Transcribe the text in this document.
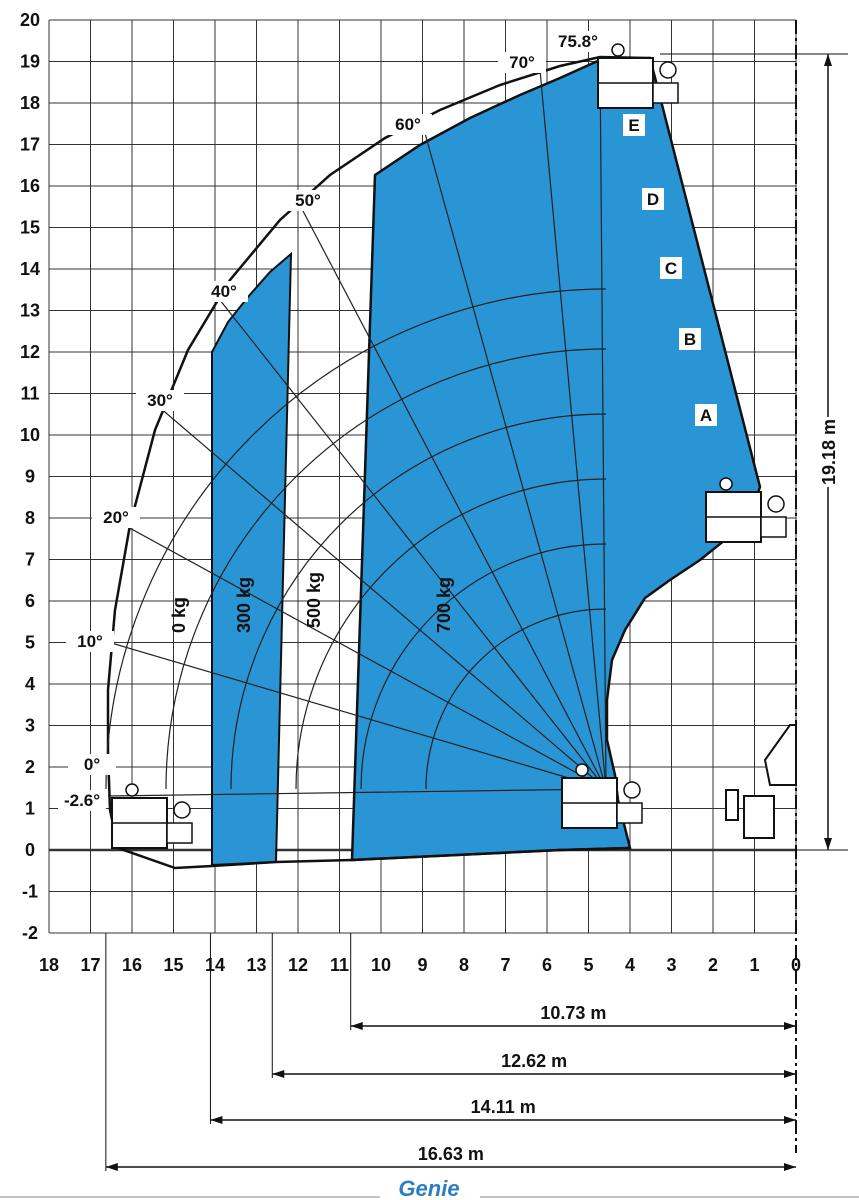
20
19
18
17
16
15
14
13
12
11
10
9
8
7
6
5
4
3
2
1
0
-1
-2
18 17 16 15 14 13 12 11 10 9 8 7 6 5 4 3 2 1 0
-2.6°
0°
10°
20°
30°
40°
50°
60°
70°
75.8°
0 kg	300 kg	500 kg	700 kg
A
B
C
D
E
19.18 m
10.73 m
12.62 m
14.11 m
16.63 m
Genie
